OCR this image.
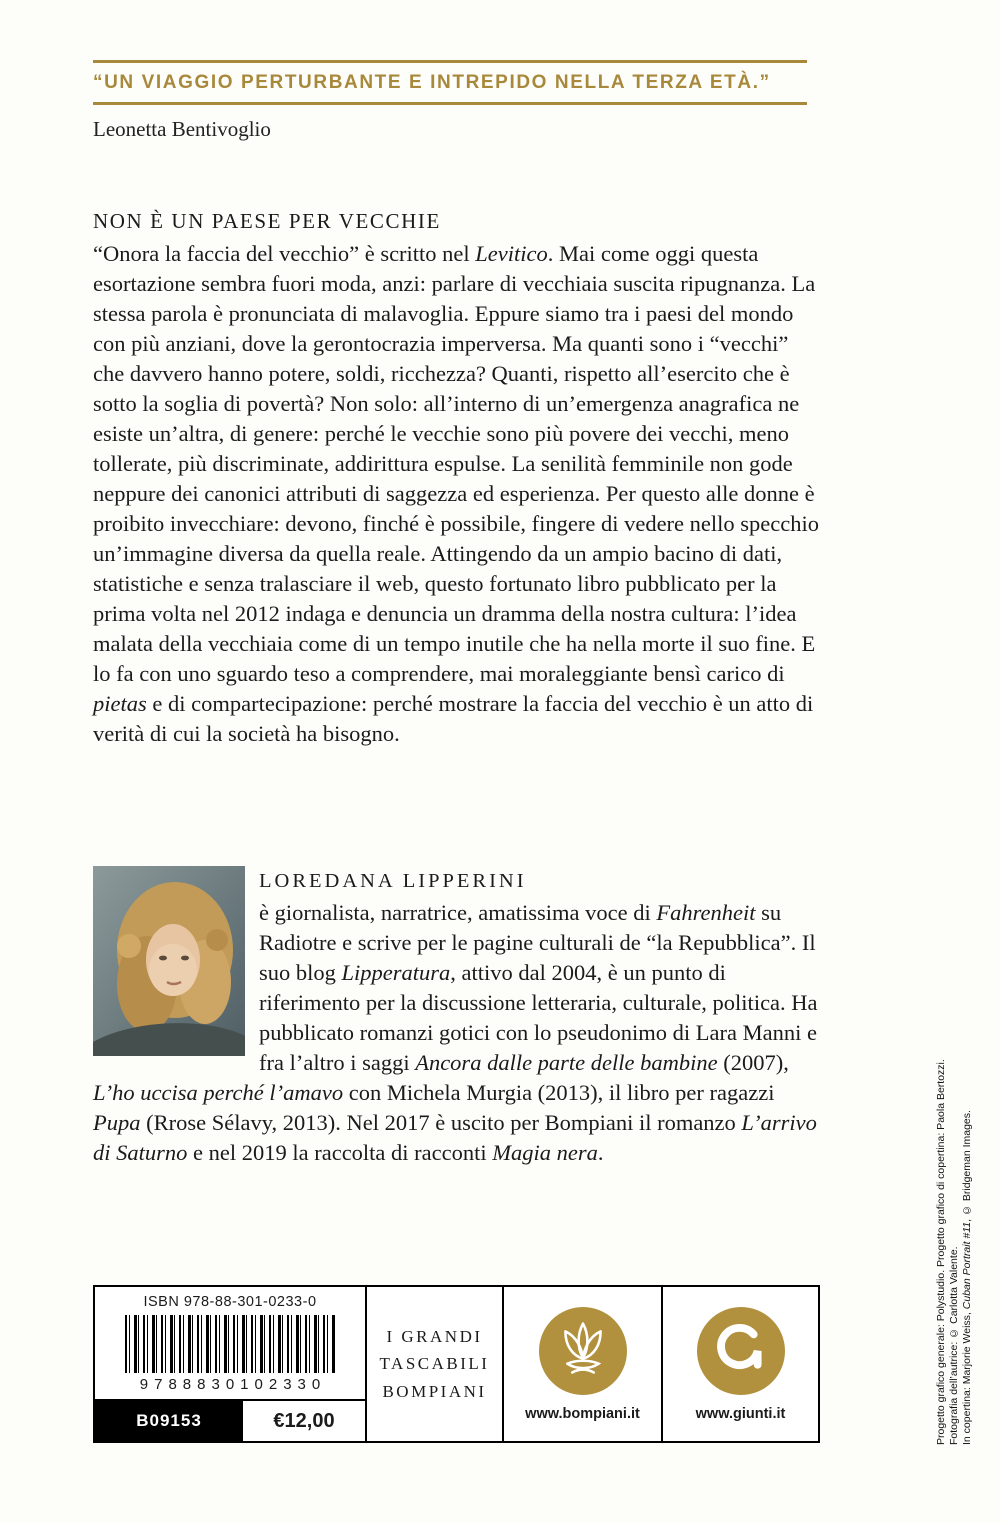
“UN VIAGGIO PERTURBANTE E INTREPIDO NELLA TERZA ETÀ.”
Leonetta Bentivoglio
NON È UN PAESE PER VECCHIE

“Onora la faccia del vecchio” è scritto nel Levitico. Mai come oggi questa esortazione sembra fuori moda, anzi: parlare di vecchiaia suscita ripugnanza. La stessa parola è pronunciata di malavoglia. Eppure siamo tra i paesi del mondo con più anziani, dove la gerontocrazia imperversa. Ma quanti sono i “vecchi” che davvero hanno potere, soldi, ricchezza? Quanti, rispetto all’esercito che è sotto la soglia di povertà? Non solo: all’interno di un’emergenza anagrafica ne esiste un’altra, di genere: perché le vecchie sono più povere dei vecchi, meno tollerate, più discriminate, addirittura espulse. La senilità femminile non gode neppure dei canonici attributi di saggezza ed esperienza. Per questo alle donne è proibito invecchiare: devono, finché è possibile, fingere di vedere nello specchio un’immagine diversa da quella reale. Attingendo da un ampio bacino di dati, statistiche e senza tralasciare il web, questo fortunato libro pubblicato per la prima volta nel 2012 indaga e denuncia un dramma della nostra cultura: l’idea malata della vecchiaia come di un tempo inutile che ha nella morte il suo fine. E lo fa con uno sguardo teso a comprendere, mai moraleggiante bensì carico di pietas e di compartecipazione: perché mostrare la faccia del vecchio è un atto di verità di cui la società ha bisogno.

LOREDANA LIPPERINI

è giornalista, narratrice, amatissima voce di Fahrenheit su Radiotre e scrive per le pagine culturali de “la Repubblica”. Il suo blog Lipperatura, attivo dal 2004, è un punto di riferimento per la discussione letteraria, culturale, politica. Ha pubblicato romanzi gotici con lo pseudonimo di Lara Manni e fra l’altro i saggi Ancora dalle parte delle bambine (2007), L’ho uccisa perché l’amavo con Michela Murgia (2013), il libro per ragazzi Pupa (Rrose Sélavy, 2013). Nel 2017 è uscito per Bompiani il romanzo L’arrivo di Saturno e nel 2019 la raccolta di racconti Magia nera.

ISBN 978-88-301-0233-0
9788830102330
B09153	€12,00
I GRANDI
TASCABILI
BOMPIANI
www.bompiani.it	www.giunti.it	Progetto grafico generale: Polystudio. Progetto grafico di copertina: Paola Bertozzi. Fotografia dell’autrice: © Carlotta Valente. In copertina: Marjorie Weiss, Cuban Portrait #11, © Bridgeman Images.
